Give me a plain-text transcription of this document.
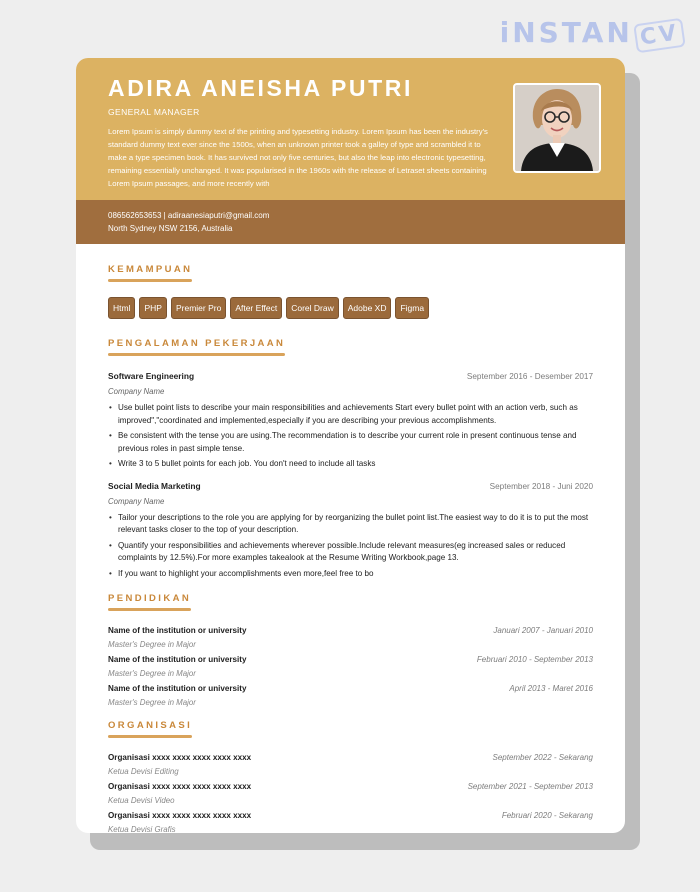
iNSTAN CV
ADIRA ANEISHA PUTRI
GENERAL MANAGER
Lorem Ipsum is simply dummy text of the printing and typesetting industry. Lorem Ipsum has been the industry's standard dummy text ever since the 1500s, when an unknown printer took a galley of type and scrambled it to make a type specimen book. It has survived not only five centuries, but also the leap into electronic typesetting, remaining essentially unchanged. It was popularised in the 1960s with the release of Letraset sheets containing Lorem Ipsum passages, and more recently with
086562653653 | adiraanesiaputri@gmail.com
North Sydney NSW 2156, Australia
KEMAMPUAN
Html	PHP	Premier Pro	After Effect	Corel Draw	Adobe XD	Figma
PENGALAMAN PEKERJAAN
Software Engineering	September 2016 - Desember 2017
Company Name
• Use bullet point lists to describe your main responsibilities and achievements Start every bullet point with an action verb, such as improved","coordinated and implemented,especially if you are describing your previous accomplishments.
• Be consistent with the tense you are using.The recommendation is to describe your current role in present continuous tense and previous roles in past simple tense.
• Write 3 to 5 bullet points for each job. You don't need to include all tasks
Social Media Marketing	September 2018 - Juni 2020
Company Name
• Tailor your descriptions to the role you are applying for by reorganizing the bullet point list.The easiest way to do it is to put the most relevant tasks closer to the top of your description.
• Quantify your responsibilities and achievements wherever possible.Include relevant measures(eg increased sales or reduced complaints by 12.5%).For more examples takealook at the Resume Writing Workbook,page 13.
• If you want to highlight your accomplishments even more,feel free to bo
PENDIDIKAN
Name of the institution or university	Januari 2007 - Januari 2010
Master's Degree in Major
Name of the institution or university	Februari 2010 - September 2013
Master's Degree in Major
Name of the institution or university	April 2013 - Maret 2016
Master's Degree in Major
ORGANISASI
Organisasi xxxx xxxx xxxx xxxx xxxx	September 2022 - Sekarang
Ketua Devisi Editing
Organisasi xxxx xxxx xxxx xxxx xxxx	September 2021 - September 2013
Ketua Devisi Video
Organisasi xxxx xxxx xxxx xxxx xxxx	Februari 2020 - Sekarang
Ketua Devisi Grafis
